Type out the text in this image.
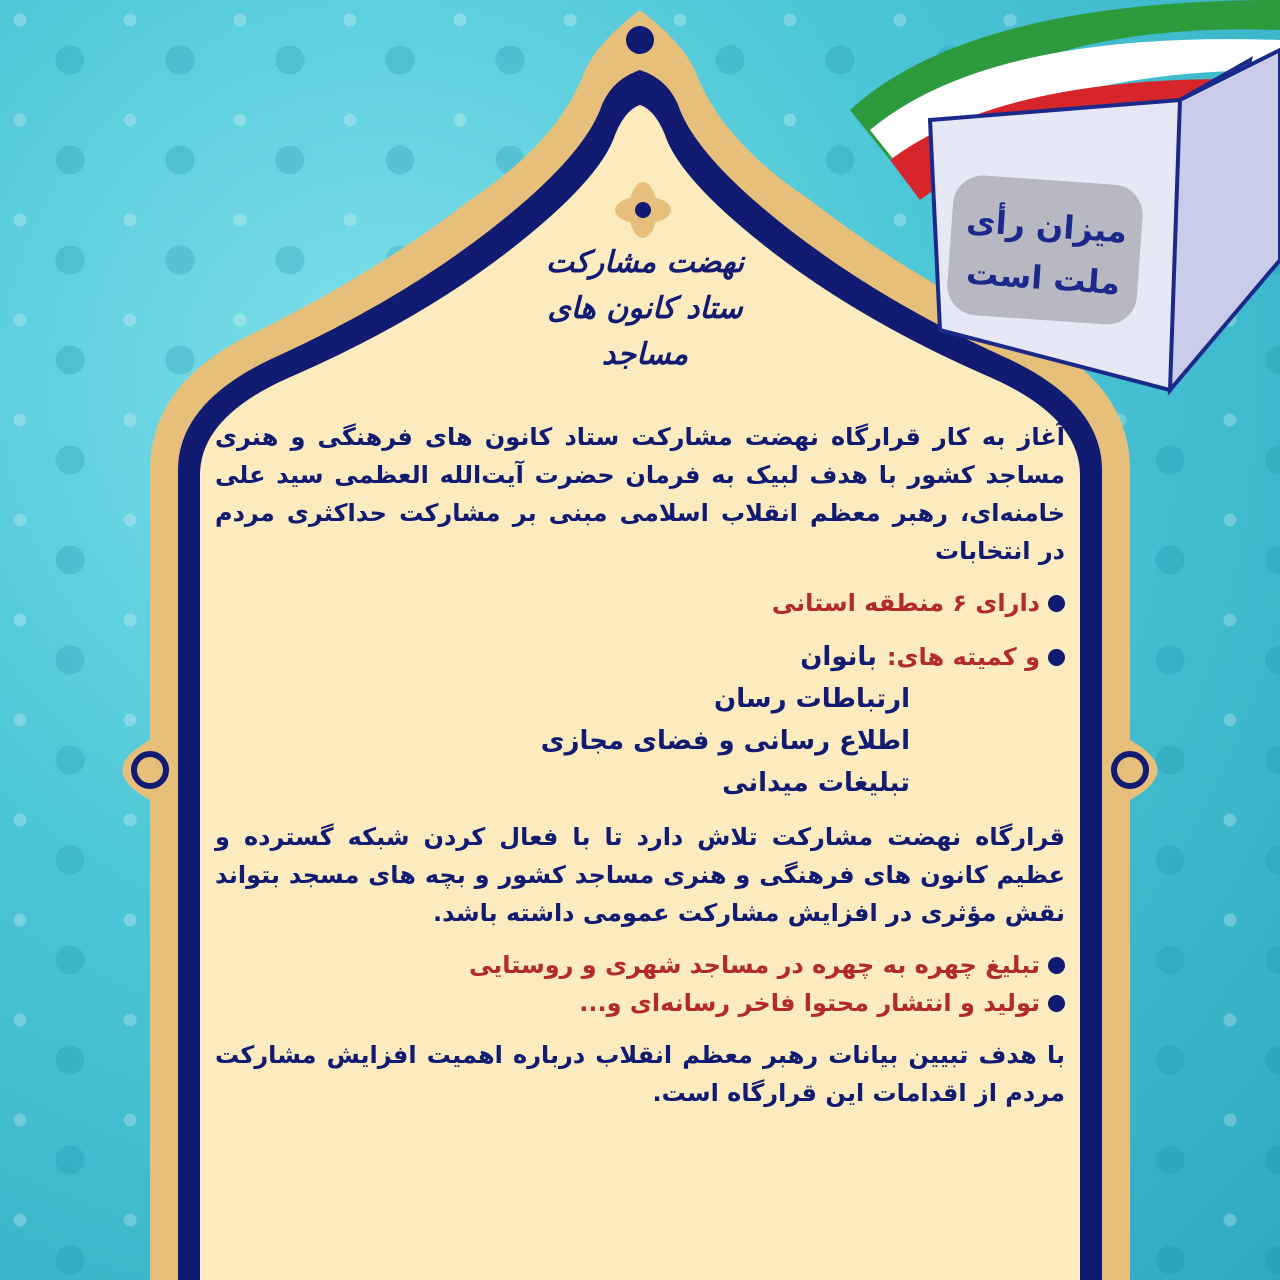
نهضت مشارکت ستاد کانون های مساجد
میزان رأی
ملت است
آغاز به کار قرارگاه نهضت مشارکت ستاد کانون های فرهنگی و هنری مساجد کشور با هدف لبیک به فرمان حضرت آیت‌الله العظمی سید علی خامنه‌ای، رهبر معظم انقلاب اسلامی مبنی بر مشارکت حداکثری مردم در انتخابات
دارای ۶ منطقه استانی
و کمیته های:
بانوان
ارتباطات رسان
اطلاع رسانی و فضای مجازی
تبلیغات میدانی
قرارگاه نهضت مشارکت تلاش دارد تا با فعال کردن شبکه گسترده و عظیم کانون های فرهنگی و هنری مساجد کشور و بچه های مسجد بتواند نقش مؤثری در افزایش مشارکت عمومی داشته باشد.
تبلیغ چهره به چهره در مساجد شهری و روستایی
تولید و انتشار محتوا فاخر رسانه‌ای و...
با هدف تبیین بیانات رهبر معظم انقلاب درباره اهمیت افزایش مشارکت مردم از اقدامات این قرارگاه است.
